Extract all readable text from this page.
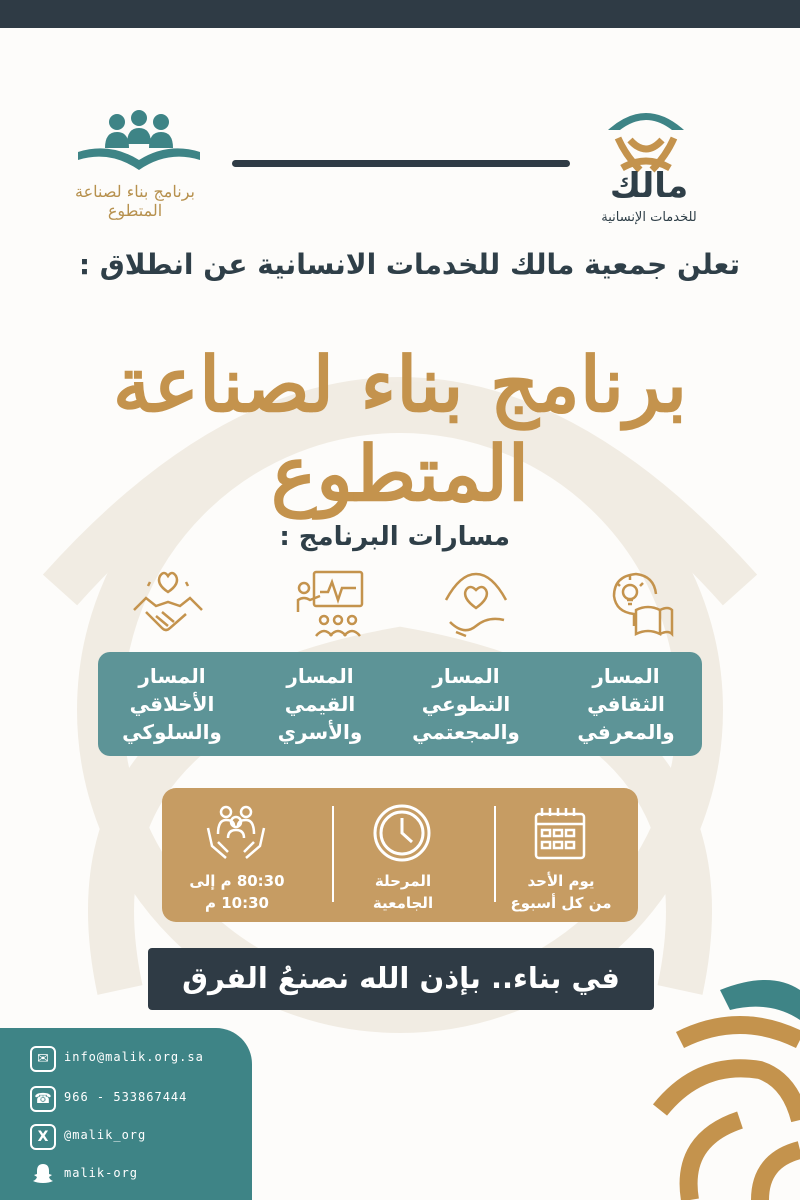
مالك
للخدمات الإنسانية
برنامج بناء لصناعة المتطوع
تعلن جمعية مالك للخدمات الانسانية عن انطلاق :
برنامج بناء لصناعة المتطوع
مسارات البرنامج :
المسار
الثقافي
والمعرفي
المسار
التطوعي
والمجعتمي
المسار
القيمي
والأسري
المسار
الأخلاقي
والسلوكي
يوم الأحد
من كل أسبوع
المرحلة
الجامعية
80:30 م إلى
10:30 م
في بناء.. بإذن الله نصنعُ الفرق
✉	info@malik.org.sa
☎	966 - 533867444
X	@malik_org
malik-org
